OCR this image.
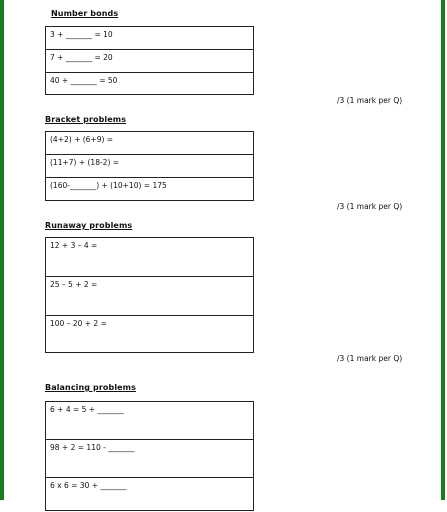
Number bonds
3 + _______ = 10
7 + _______ = 20
40 + _______ = 50
/3 (1 mark per Q)
Bracket problems
(4+2) + (6+9) =
(11+7) + (18-2) =
(160-_______) + (10+10) = 175
/3 (1 mark per Q)
Runaway problems
12 + 3 – 4 =
25 – 5 + 2 =
100 – 20 + 2 =
/3 (1 mark per Q)
Balancing problems
6 + 4 = 5 + _______
98 + 2 = 110 - _______
6 x 6 = 30 + _______
